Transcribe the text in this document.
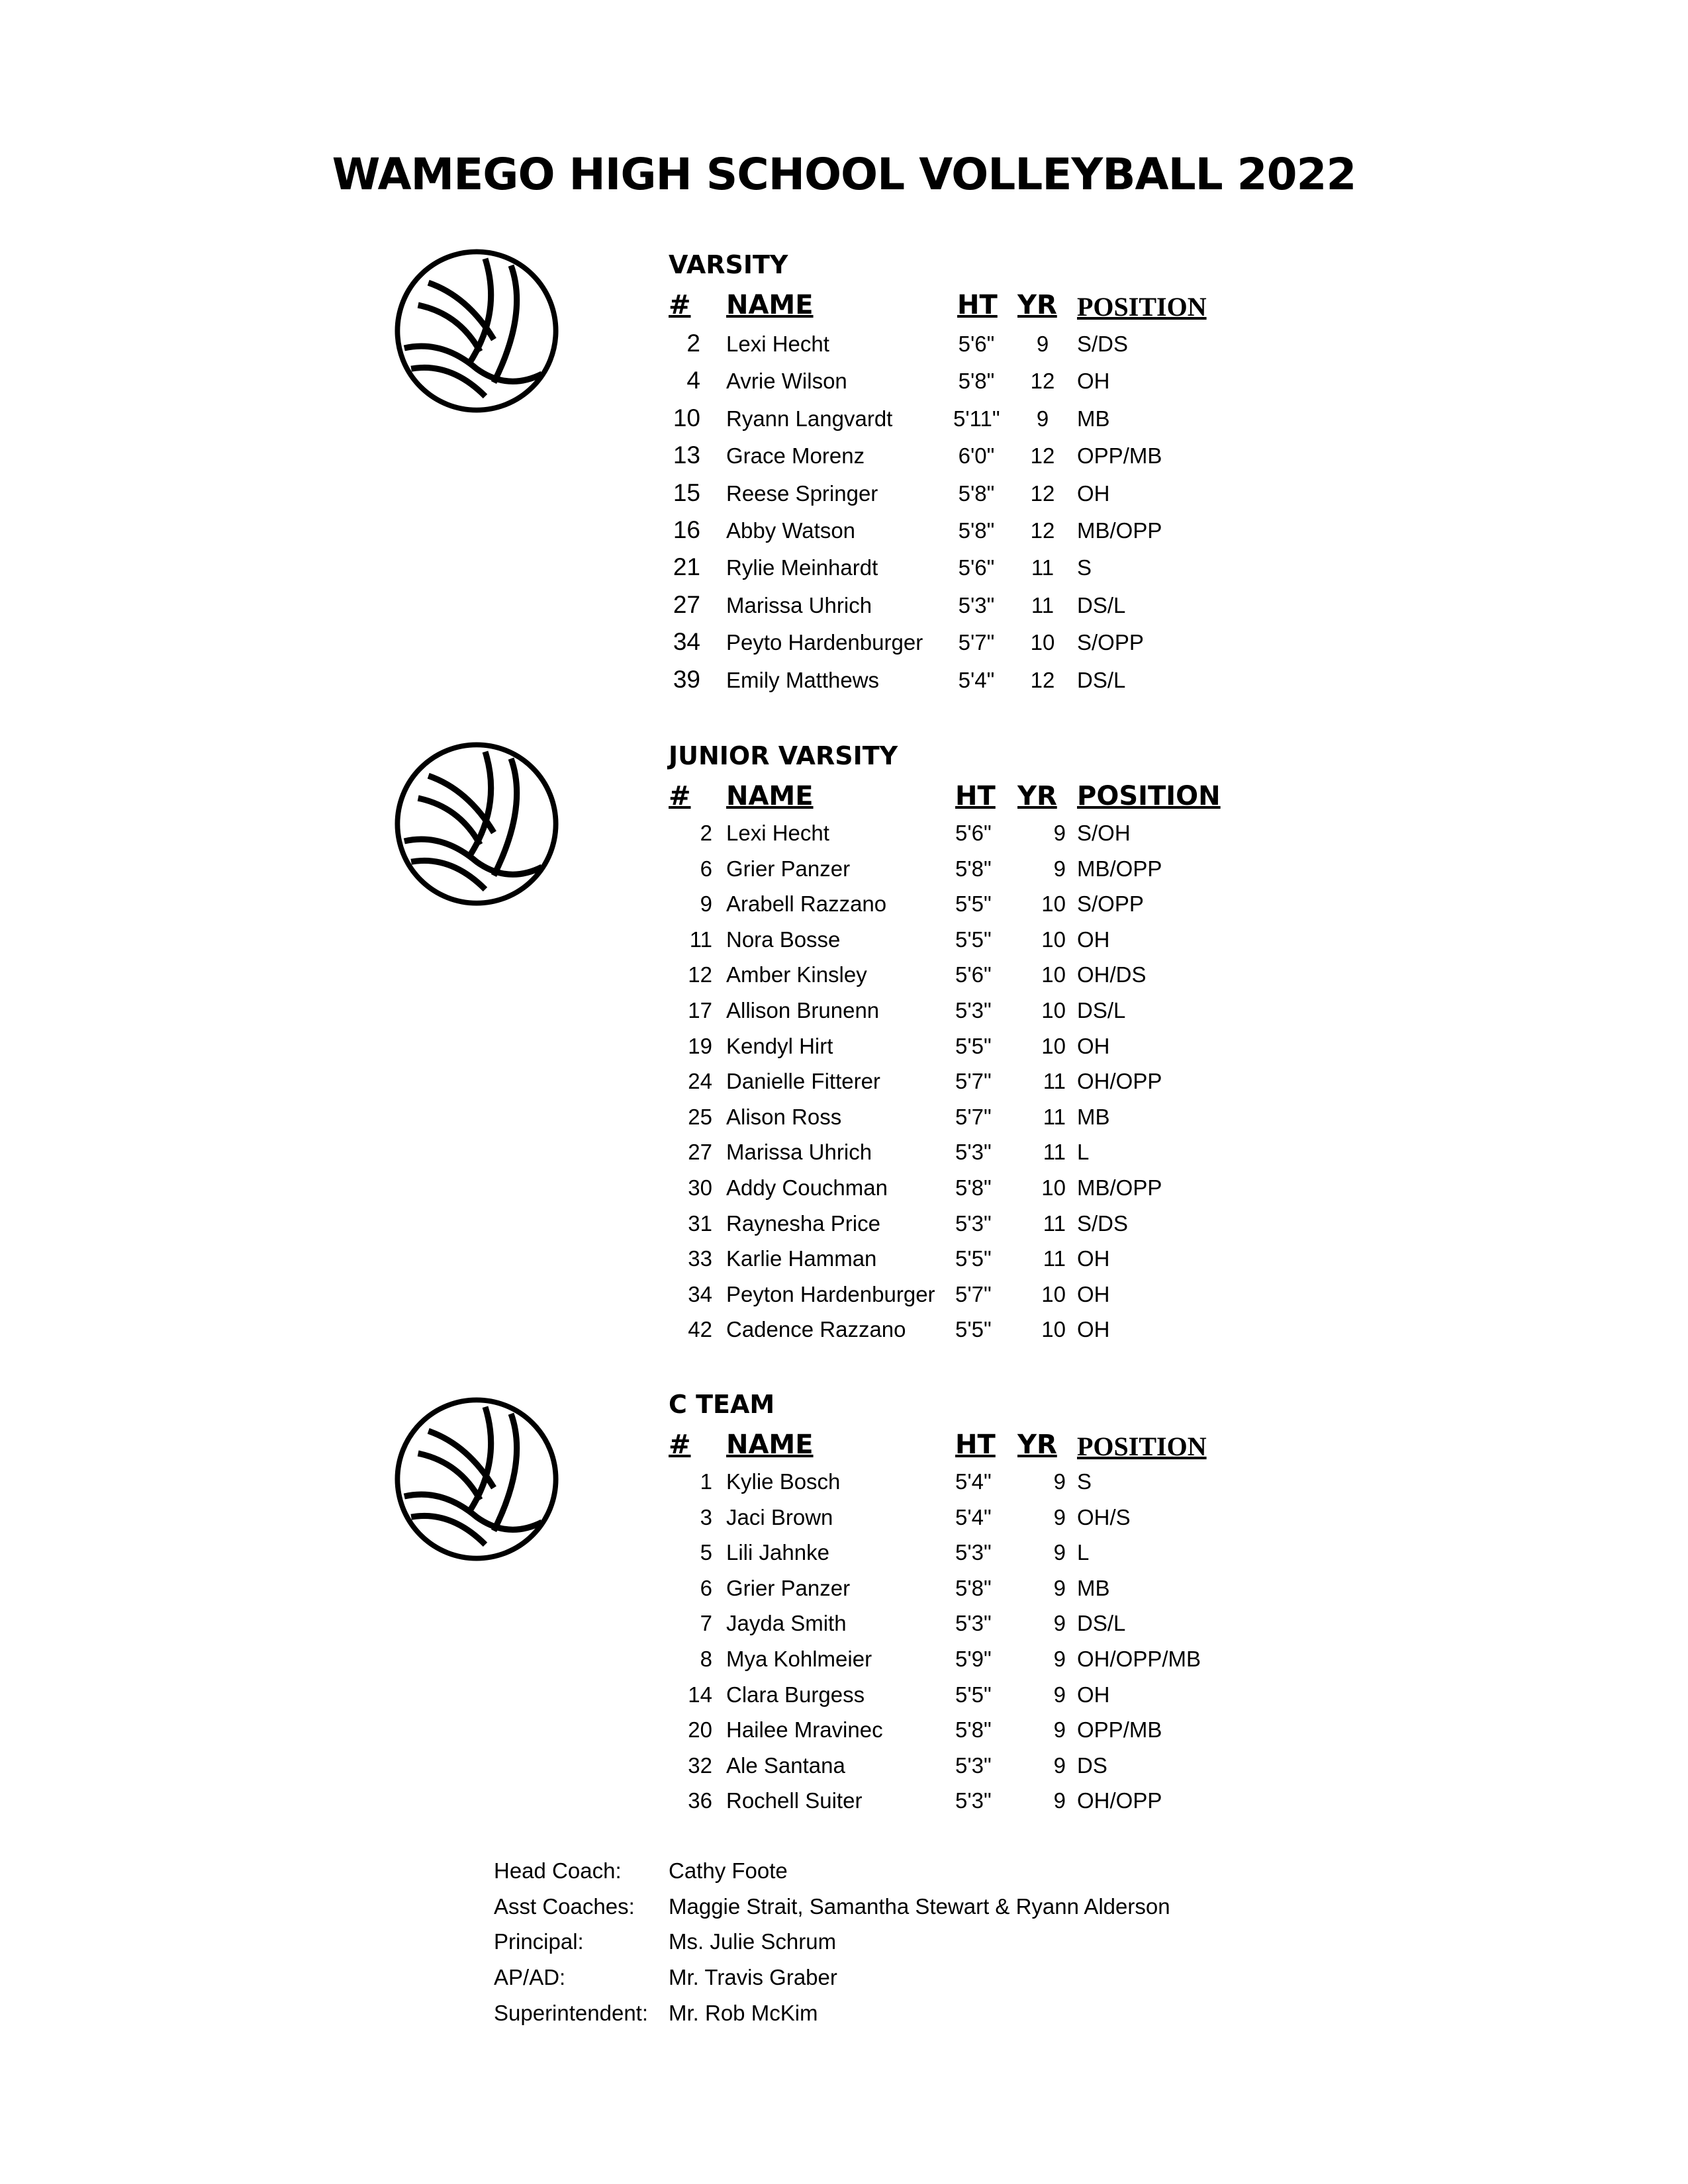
WAMEGO HIGH SCHOOL VOLLEYBALL 2022
VARSITY
# NAME	HT YR POSITION
2 Lexi Hecht	5'6"	9	S/DS
4 Avrie Wilson	5'8"	12	OH
10 Ryann Langvardt	5'11"	9	MB
13 Grace Morenz	6'0"	12	OPP/MB
15 Reese Springer	5'8"	12	OH
16 Abby Watson	5'8"	12	MB/OPP
21 Rylie Meinhardt	5'6"	11	S
27 Marissa Uhrich	5'3"	11	DS/L
34 Peyto Hardenburger 5'7"	10	S/OPP
39 Emily Matthews	5'4"	12	DS/L
JUNIOR VARSITY
# NAME	HT YR POSITION
2 Lexi Hecht	5'6"	9 S/OH
6 Grier Panzer	5'8"	9 MB/OPP
9 Arabell Razzano	5'5"	10 S/OPP
11 Nora Bosse	5'5"	10 OH
12 Amber Kinsley	5'6"	10 OH/DS
17 Allison Brunenn	5'3"	10 DS/L
19 Kendyl Hirt	5'5"	10 OH
24 Danielle Fitterer	5'7"	11 OH/OPP
25 Alison Ross	5'7"	11 MB
27 Marissa Uhrich	5'3"	11 L
30 Addy Couchman	5'8"	10 MB/OPP
31 Raynesha Price	5'3"	11 S/DS
33 Karlie Hamman	5'5"	11 OH
34 Peyton Hardenburger 5'7"	10 OH
42 Cadence Razzano 5'5"	10 OH
C TEAM
# NAME	HT YR POSITION
1 Kylie Bosch	5'4"	9 S
3 Jaci Brown	5'4"	9 OH/S
5 Lili Jahnke	5'3"	9 L
6 Grier Panzer	5'8"	9 MB
7 Jayda Smith	5'3"	9 DS/L
8 Mya Kohlmeier	5'9"	9 OH/OPP/MB
14 Clara Burgess	5'5"	9 OH
20 Hailee Mravinec	5'8"	9 OPP/MB
32 Ale Santana	5'3"	9 DS
36 Rochell Suiter	5'3"	9 OH/OPP
Head Coach: Cathy Foote
Asst Coaches: Maggie Strait, Samantha Stewart & Ryann Alderson
Principal:	Ms. Julie Schrum
AP/AD:	Mr. Travis Graber
Superintendent: Mr. Rob McKim
